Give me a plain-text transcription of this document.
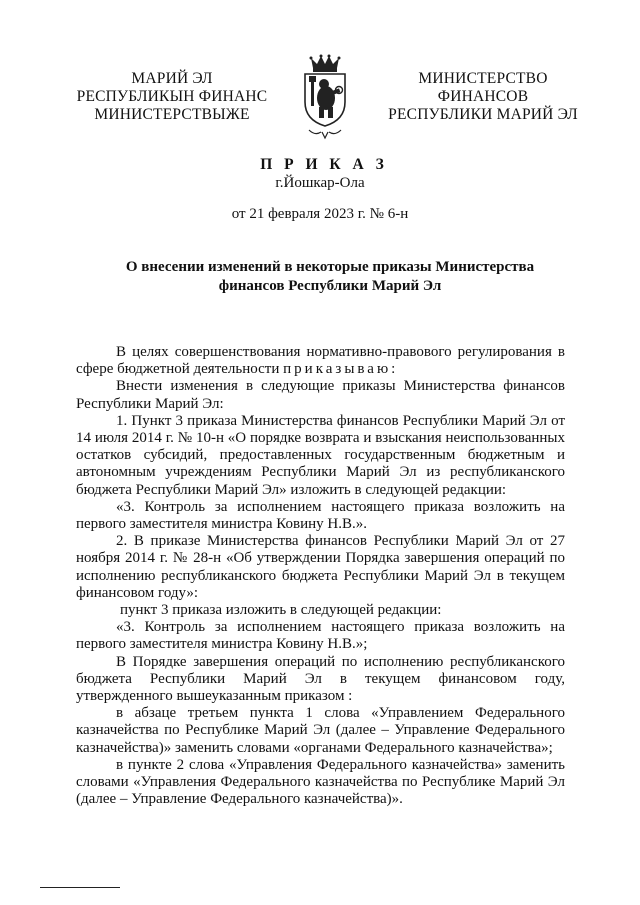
МАРИЙ ЭЛ
РЕСПУБЛИКЫН ФИНАНС
МИНИСТЕРСТВЫЖЕ
МИНИСТЕРСТВО
ФИНАНСОВ
РЕСПУБЛИКИ МАРИЙ ЭЛ
П Р И К А З
г.Йошкар-Ола
от 21 февраля 2023 г. № 6-н
О внесении изменений в некоторые приказы Министерства
финансов Республики Марий Эл

В целях совершенствования нормативно-правового регулирования в сфере бюджетной деятельности приказываю:

Внести изменения в следующие приказы Министерства финансов Республики Марий Эл:

1. Пункт 3 приказа Министерства финансов Республики Марий Эл от 14 июля 2014 г. № 10-н «О порядке возврата и взыскания неиспользованных остатков субсидий, предоставленных государственным бюджетным и автономным учреждениям Республики Марий Эл из республиканского бюджета Республики Марий Эл» изложить в следующей редакции:

«3. Контроль за исполнением настоящего приказа возложить на первого заместителя министра Ковину Н.В.».

2. В приказе Министерства финансов Республики Марий Эл от 27 ноября 2014 г. № 28-н «Об утверждении Порядка завершения операций по исполнению республиканского бюджета Республики Марий Эл в текущем финансовом году»:

пункт 3 приказа изложить в следующей редакции:

«3. Контроль за исполнением настоящего приказа возложить на первого заместителя министра Ковину Н.В.»;

В Порядке завершения операций по исполнению республиканского бюджета Республики Марий Эл в текущем финансовом году, утвержденного вышеуказанным приказом :

в абзаце третьем пункта 1 слова «Управлением Федерального казначейства по Республике Марий Эл (далее – Управление Федерального казначейства)» заменить словами «органами Федерального казначейства»;

в пункте 2 слова «Управления Федерального казначейства» заменить словами «Управления Федерального казначейства по Республике Марий Эл (далее – Управление Федерального казначейства)».
